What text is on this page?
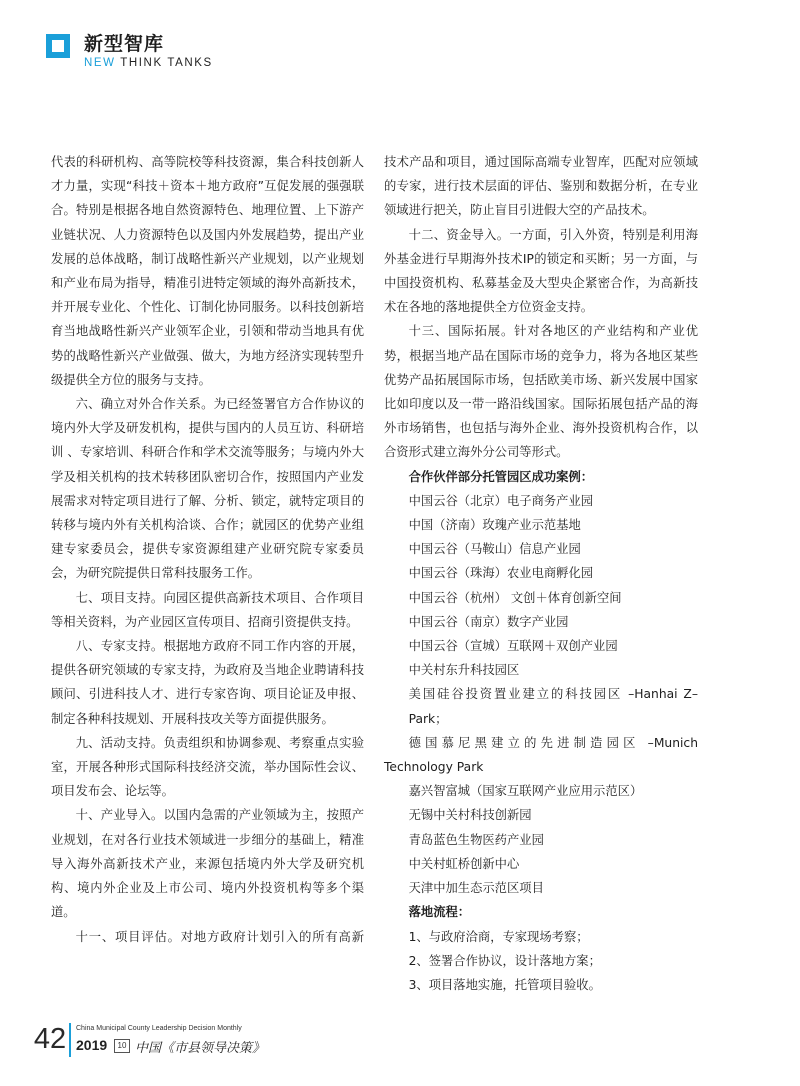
新型智库
NEW THINK TANKS

代表的科研机构、高等院校等科技资源，集合科技创新人才力量，实现“科技＋资本＋地方政府”互促发展的强强联合。特别是根据各地自然资源特色、地理位置、上下游产业链状况、人力资源特色以及国内外发展趋势，提出产业发展的总体战略，制订战略性新兴产业规划，以产业规划和产业布局为指导，精准引进特定领域的海外高新技术，并开展专业化、个性化、订制化协同服务。以科技创新培育当地战略性新兴产业领军企业，引领和带动当地具有优势的战略性新兴产业做强、做大，为地方经济实现转型升级提供全方位的服务与支持。

六、确立对外合作关系。为已经签署官方合作协议的境内外大学及研发机构，提供与国内的人员互访、科研培训 、专家培训、科研合作和学术交流等服务；与境内外大学及相关机构的技术转移团队密切合作，按照国内产业发展需求对特定项目进行了解、分析、锁定，就特定项目的转移与境内外有关机构洽谈、合作；就园区的优势产业组建专家委员会，提供专家资源组建产业研究院专家委员会，为研究院提供日常科技服务工作。

七、项目支持。向园区提供高新技术项目、合作项目等相关资料，为产业园区宣传项目、招商引资提供支持。

八、专家支持。根据地方政府不同工作内容的开展，提供各研究领域的专家支持，为政府及当地企业聘请科技顾问、引进科技人才、进行专家咨询、项目论证及申报、制定各种科技规划、开展科技攻关等方面提供服务。

九、活动支持。负责组织和协调参观、考察重点实验室，开展各种形式国际科技经济交流，举办国际性会议、项目发布会、论坛等。

十、产业导入。以国内急需的产业领域为主，按照产业规划，在对各行业技术领域进一步细分的基础上，精准导入海外高新技术产业，来源包括境内外大学及研究机构、境内外企业及上市公司、境内外投资机构等多个渠道。

十一、项目评估。对地方政府计划引入的所有高新

技术产品和项目，通过国际高端专业智库，匹配对应领域的专家，进行技术层面的评估、鉴别和数据分析，在专业领域进行把关，防止盲目引进假大空的产品技术。

十二、资金导入。一方面，引入外资，特别是利用海外基金进行早期海外技术IP的锁定和买断；另一方面，与中国投资机构、私募基金及大型央企紧密合作，为高新技术在各地的落地提供全方位资金支持。

十三、国际拓展。针对各地区的产业结构和产业优势，根据当地产品在国际市场的竞争力，将为各地区某些优势产品拓展国际市场，包括欧美市场、新兴发展中国家比如印度以及一带一路沿线国家。国际拓展包括产品的海外市场销售，也包括与海外企业、海外投资机构合作，以合资形式建立海外分公司等形式。

合作伙伴部分托管园区成功案例：

中国云谷（北京）电子商务产业园

中国（济南）玫瑰产业示范基地

中国云谷（马鞍山）信息产业园

中国云谷（珠海）农业电商孵化园

中国云谷（杭州） 文创＋体育创新空间

中国云谷（南京）数字产业园

中国云谷（宣城）互联网＋双创产业园

中关村东升科技园区

美国硅谷投资置业建立的科技园区 –Hanhai Z–Park；

德国慕尼黑建立的先进制造园区 –Munich Technology Park

嘉兴智富城（国家互联网产业应用示范区）

无锡中关村科技创新园

青岛蓝色生物医药产业园

中关村虹桥创新中心

天津中加生态示范区项目

落地流程：

1、与政府洽商，专家现场考察；

2、签署合作协议，设计落地方案；

3、项目落地实施，托管项目验收。

42 China Municipal County Leadership Decision Monthly
2019	10 中国《市县领导决策》
